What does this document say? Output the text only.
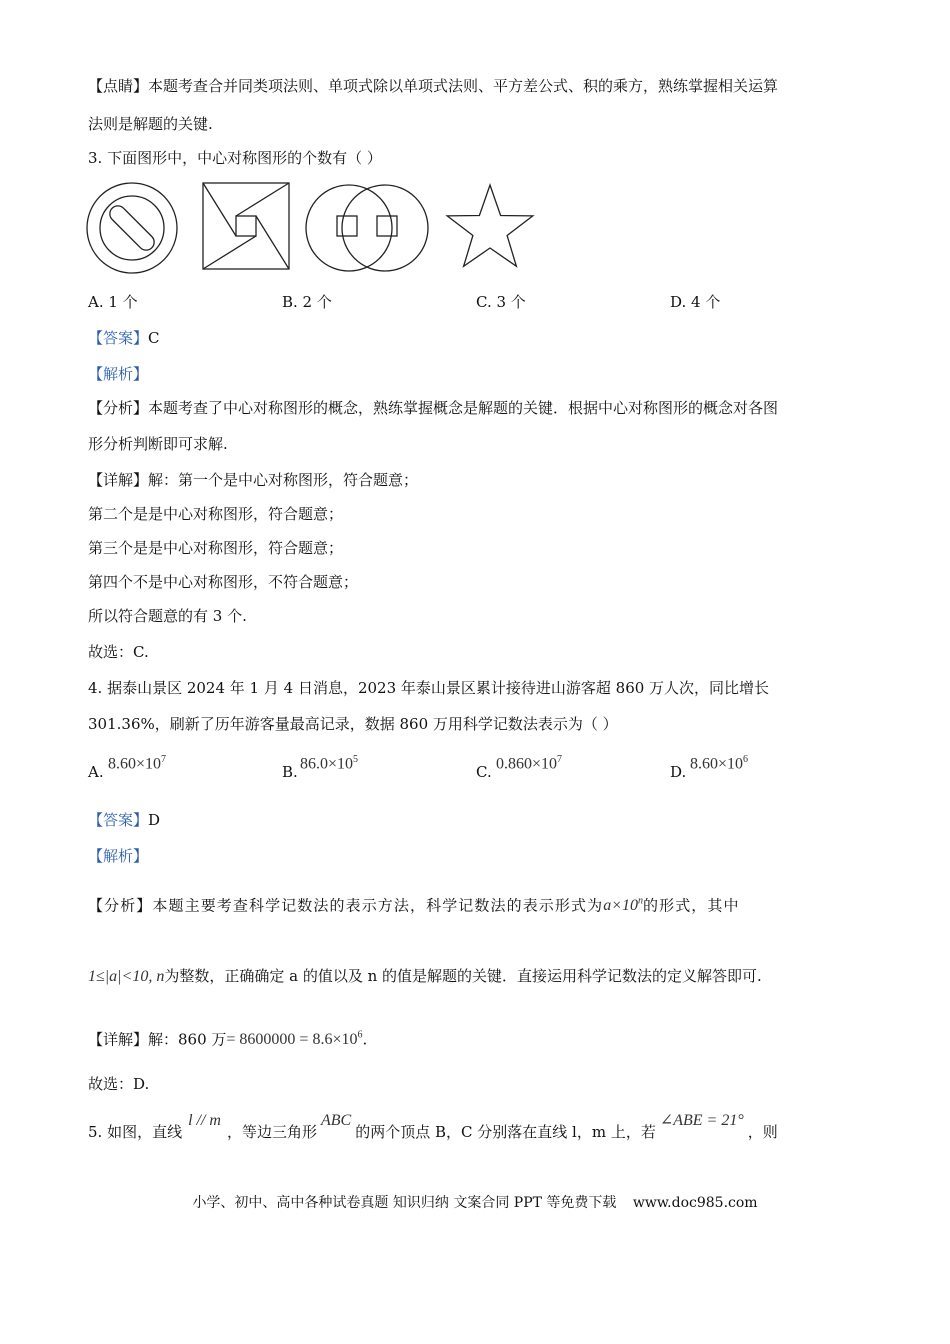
【点睛】本题考查合并同类项法则、单项式除以单项式法则、平方差公式、积的乘方，熟练掌握相关运算
法则是解题的关键.
3. 下面图形中，中心对称图形的个数有（ ）
A. 1 个	B. 2 个	C. 3 个	D. 4 个
【答案】C
【解析】
【分析】本题考查了中心对称图形的概念，熟练掌握概念是解题的关键．根据中心对称图形的概念对各图
形分析判断即可求解.
【详解】解：第一个是中心对称图形，符合题意；
第二个是是中心对称图形，符合题意；
第三个是是中心对称图形，符合题意；
第四个不是中心对称图形，不符合题意；
所以符合题意的有 3 个.
故选：C.
4. 据泰山景区 2024 年 1 月 4 日消息，2023 年泰山景区累计接待进山游客超 860 万人次，同比增长
301.36%，刷新了历年游客量最高记录，数据 860 万用科学记数法表示为（ ）
A. $8.60\times 10^7$
B. $86.0\times 10^5$
C. $0.860\times 10^7$
D. $8.60\times 10^6$
【答案】D
【解析】
【分析】本题主要考查科学记数法的表示方法，科学记数法的表示形式为$a\times 10^n$的形式，其中
1≤|a|<10, n为整数，正确确定 a 的值以及 n 的值是解题的关键．直接运用科学记数法的定义解答即可.
【详解】解：860 万= $8600000 = 8.6\times 10^6$.
故选：D.
5. 如图，直线l // m，等边三角形ABC的两个顶点 B，C 分别落在直线 l，m 上，若∠ABE = 21°，则
小学、初中、高中各种试卷真题 知识归纳 文案合同 PPT 等免费下载 www.doc985.com
